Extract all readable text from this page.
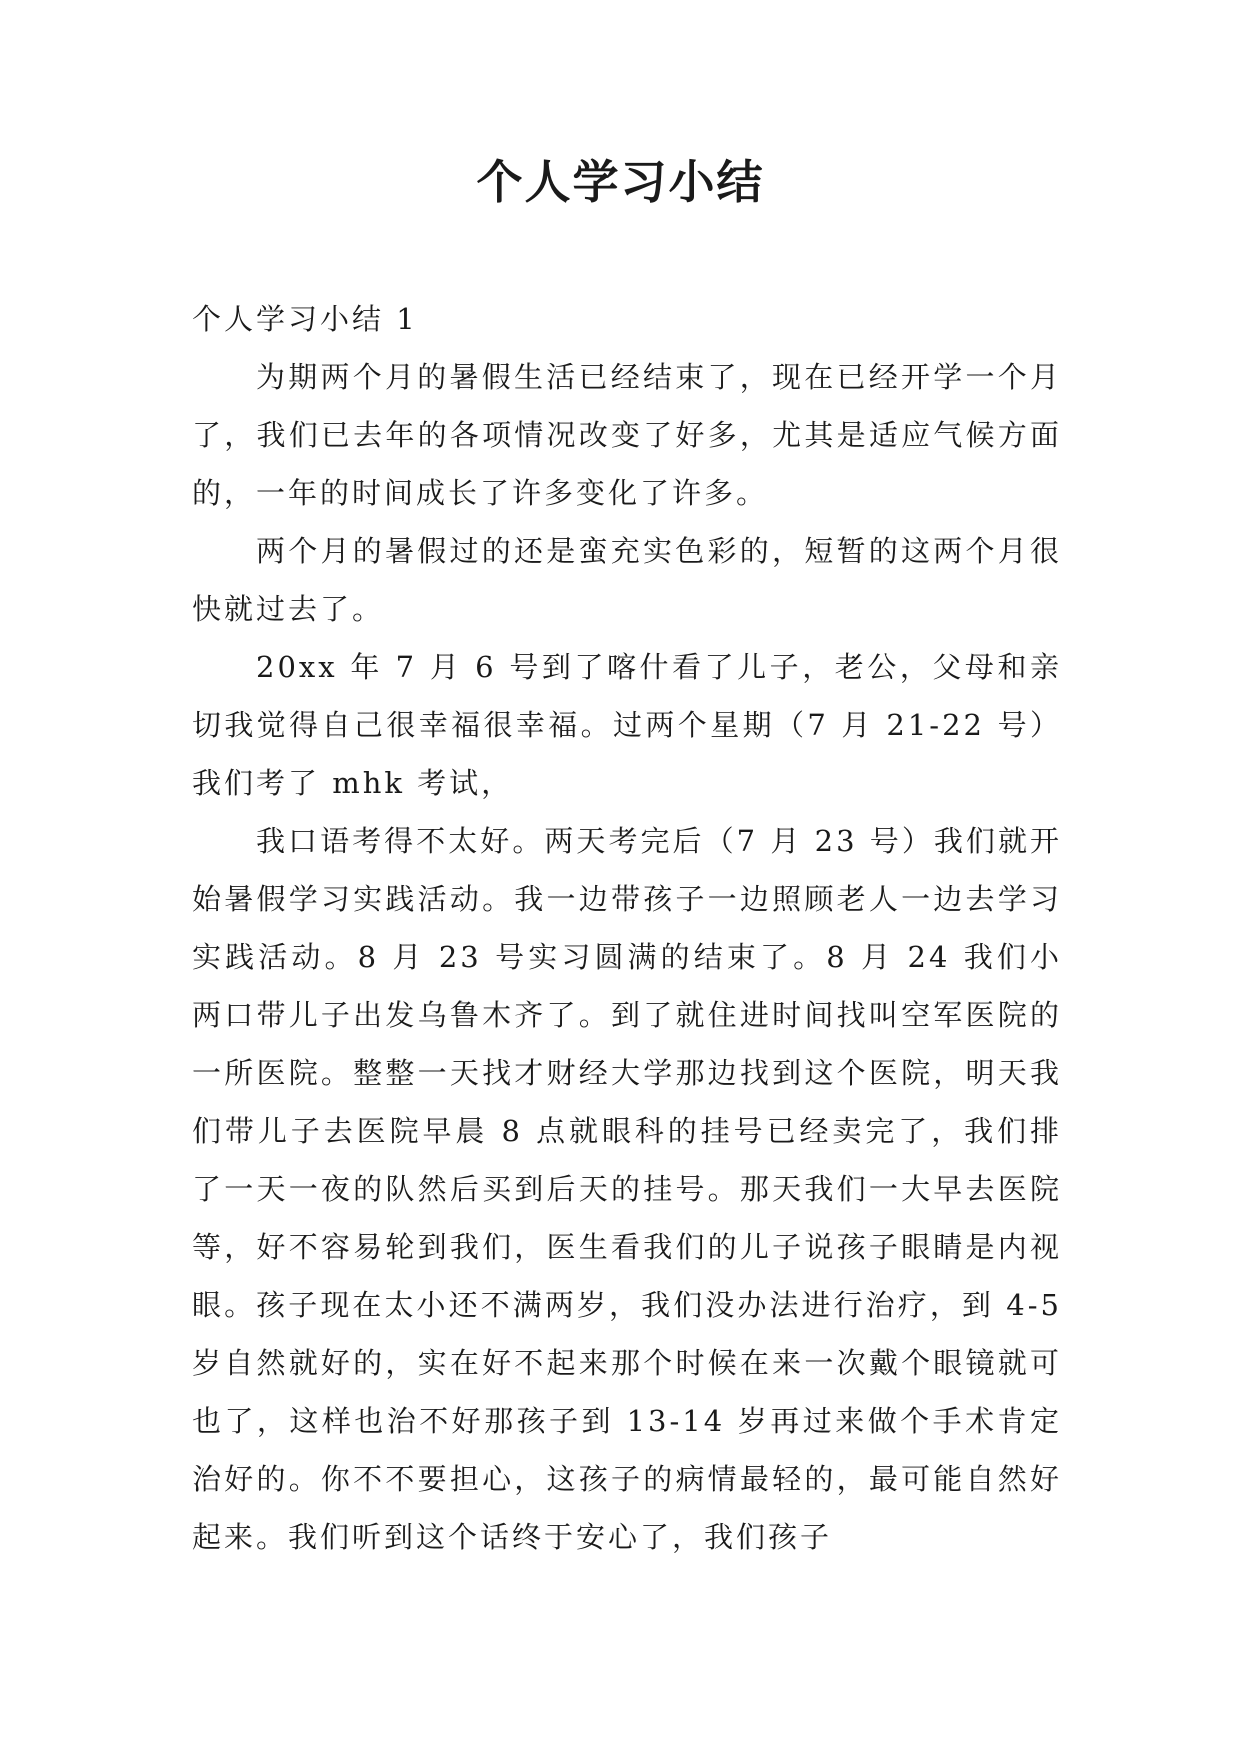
个人学习小结
个人学习小结 1

为期两个月的暑假生活已经结束了，现在已经开学一个月了，我们已去年的各项情况改变了好多，尤其是适应气候方面的，一年的时间成长了许多变化了许多。

两个月的暑假过的还是蛮充实色彩的，短暂的这两个月很快就过去了。

20xx 年 7 月 6 号到了喀什看了儿子，老公，父母和亲切我觉得自己很幸福很幸福。过两个星期（7 月 21-22 号）我们考了 mhk 考试，

我口语考得不太好。两天考完后（7 月 23 号）我们就开始暑假学习实践活动。我一边带孩子一边照顾老人一边去学习实践活动。8 月 23 号实习圆满的结束了。8 月 24 我们小两口带儿子出发乌鲁木齐了。到了就住进时间找叫空军医院的一所医院。整整一天找才财经大学那边找到这个医院，明天我们带儿子去医院早晨 8 点就眼科的挂号已经卖完了，我们排了一天一夜的队然后买到后天的挂号。那天我们一大早去医院等，好不容易轮到我们，医生看我们的儿子说孩子眼睛是内视眼。孩子现在太小还不满两岁，我们没办法进行治疗，到 4-5 岁自然就好的，实在好不起来那个时候在来一次戴个眼镜就可也了，这样也治不好那孩子到 13-14 岁再过来做个手术肯定治好的。你不不要担心，这孩子的病情最轻的，最可能自然好起来。我们听到这个话终于安心了，我们孩子
